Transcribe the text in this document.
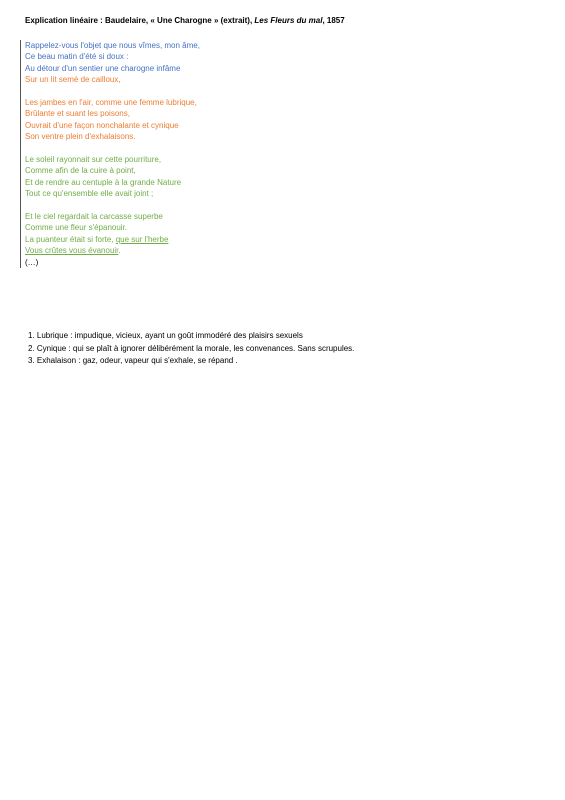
Explication linéaire : Baudelaire, « Une Charogne » (extrait), Les Fleurs du mal, 1857
Rappelez-vous l'objet que nous vîmes, mon âme,
Ce beau matin d'été si doux :
Au détour d'un sentier une charogne infâme
Sur un lit semé de cailloux,
Les jambes en l'air, comme une femme lubrique,
Brûlante et suant les poisons,
Ouvrait d'une façon nonchalante et cynique
Son ventre plein d'exhalaisons.
Le soleil rayonnait sur cette pourriture,
Comme afin de la cuire à point,
Et de rendre au centuple à la grande Nature
Tout ce qu'ensemble elle avait joint ;
Et le ciel regardait la carcasse superbe
Comme une fleur s'épanouir.
La puanteur était si forte, que sur l'herbe
Vous crûtes vous évanouir.
(…)
1. Lubrique : impudique, vicieux, ayant un goût immodéré des plaisirs sexuels
2. Cynique : qui se plaît à ignorer délibérément la morale, les convenances. Sans scrupules.
3. Exhalaison : gaz, odeur, vapeur qui s'exhale, se répand .
